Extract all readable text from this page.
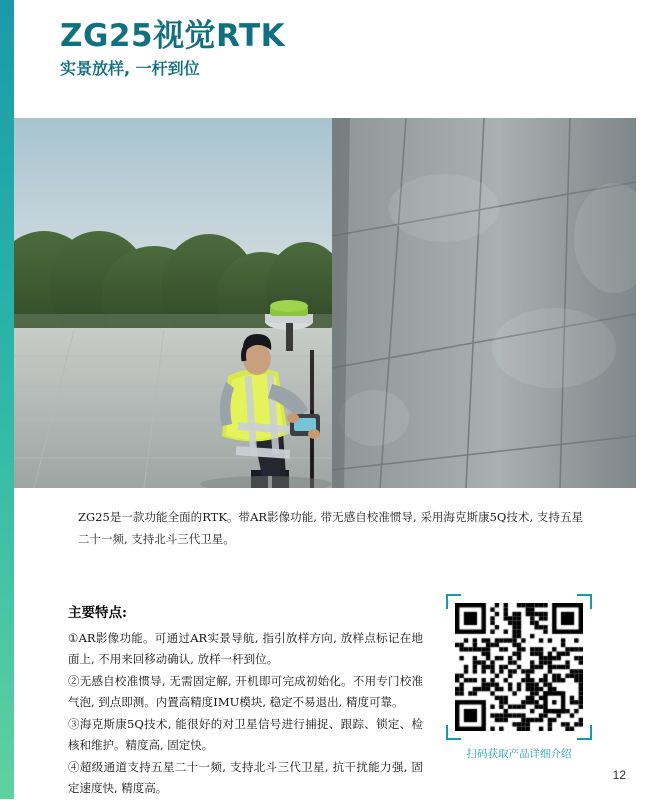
ZG25视觉RTK
实景放样, 一杆到位
ZG25是一款功能全面的RTK。带AR影像功能, 带无感自校准惯导, 采用海克斯康5Q技术, 支持五星二十一频, 支持北斗三代卫星。
主要特点:

①AR影像功能。可通过AR实景导航, 指引放样方向, 放样点标记在地面上, 不用来回移动确认, 放样一杆到位。

②无感自校准惯导, 无需固定解, 开机即可完成初始化。不用专门校准气泡, 到点即测。内置高精度IMU模块, 稳定不易退出, 精度可靠。

③海克斯康5Q技术, 能很好的对卫星信号进行捕捉、跟踪、锁定、检核和维护。精度高, 固定快。

④超级通道支持五星二十一频, 支持北斗三代卫星, 抗干扰能力强, 固定速度快, 精度高。

扫码获取产品详细介绍
12
